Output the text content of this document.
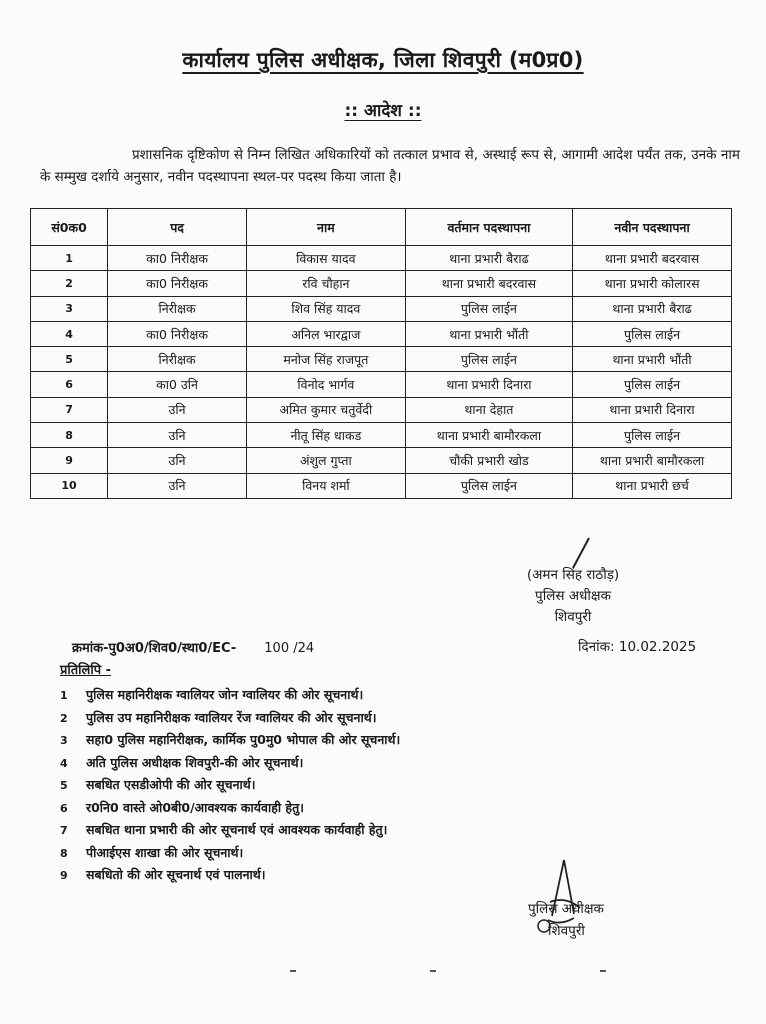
कार्यालय पुलिस अधीक्षक, जिला शिवपुरी (म0प्र0)
:: आदेश ::
प्रशासनिक दृष्टिकोण से निम्न लिखित अधिकारियों को तत्काल प्रभाव से, अस्थाई रूप से, आगामी आदेश पर्यंत तक, उनके नाम के सम्मुख दर्शाये अनुसार, नवीन पदस्थापना स्थल-पर पदस्थ किया जाता है।
सं0क0	पद	नाम	वर्तमान पदस्थापना	नवीन पदस्थापना
1	का0 निरीक्षक	विकास यादव	थाना प्रभारी बैराढ	थाना प्रभारी बदरवास
2	का0 निरीक्षक	रवि चौहान	थाना प्रभारी बदरवास	थाना प्रभारी कोलारस
3	निरीक्षक	शिव सिंह यादव	पुलिस लाईन	थाना प्रभारी बैराढ
4	का0 निरीक्षक	अनिल भारद्वाज	थाना प्रभारी भौंती	पुलिस लाईन
5	निरीक्षक	मनोज सिंह राजपूत	पुलिस लाईन	थाना प्रभारी भौंती
6	का0 उनि	विनोद भार्गव	थाना प्रभारी दिनारा	पुलिस लाईन
7	उनि	अमित कुमार चतुर्वेदी	थाना देहात	थाना प्रभारी दिनारा
8	उनि	नीतू सिंह धाकड	थाना प्रभारी बामौरकला	पुलिस लाईन
9	उनि	अंशुल गुप्ता	चौकी प्रभारी खोड	थाना प्रभारी बामौरकला
10	उनि	विनय शर्मा	पुलिस लाईन	थाना प्रभारी छर्च
(अमन सिंह राठौड़)
पुलिस अधीक्षक
शिवपुरी
क्रमांक-पु0अ0/शिव0/स्था0/EC- 100 /24	दिनांक: 10.02.2025
प्रतिलिपि -
1 पुलिस महानिरीक्षक ग्वालियर जोन ग्वालियर की ओर सूचनार्थ।
2 पुलिस उप महानिरीक्षक ग्वालियर रेंज ग्वालियर की ओर सूचनार्थ।
3 सहा0 पुलिस महानिरीक्षक, कार्मिक पु0मु0 भोपाल की ओर सूचनार्थ।
4 अति पुलिस अधीक्षक शिवपुरी-की ओर सूचनार्थ।
5 सबधित एसडीओपी की ओर सूचनार्थ।
6 र0नि0 वास्ते ओ0बी0/आवश्यक कार्यवाही हेतु।
7 सबधित थाना प्रभारी की ओर सूचनार्थ एवं आवश्यक कार्यवाही हेतु।
8 पीआईएस शाखा की ओर सूचनार्थ।
9 सबधितो की ओर सूचनार्थ एवं पालनार्थ।
पुलिस अधीक्षक
शिवपुरी
